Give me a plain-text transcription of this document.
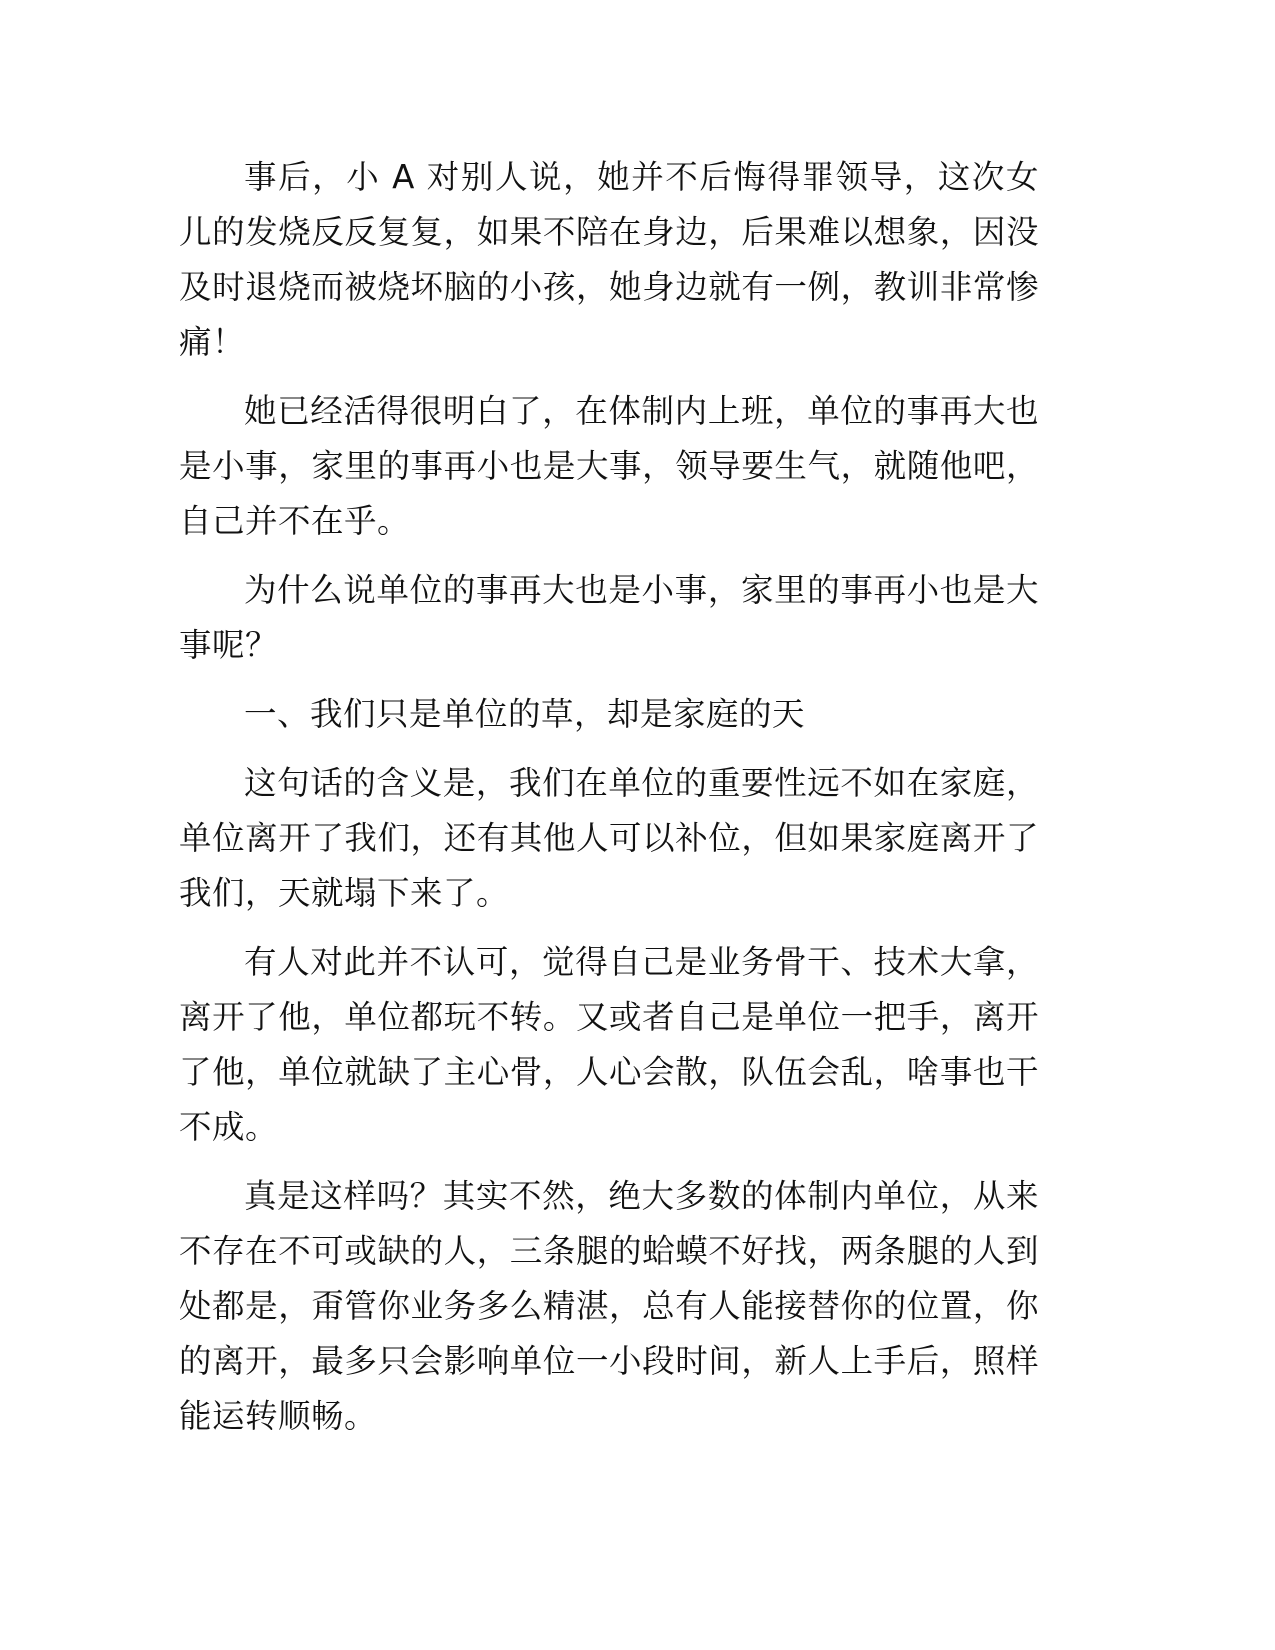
事后，小 A 对别人说，她并不后悔得罪领导，这次女儿的发烧反反复复，如果不陪在身边，后果难以想象，因没及时退烧而被烧坏脑的小孩，她身边就有一例，教训非常惨痛！

她已经活得很明白了，在体制内上班，单位的事再大也是小事，家里的事再小也是大事，领导要生气，就随他吧，自己并不在乎。

为什么说单位的事再大也是小事，家里的事再小也是大事呢？

一、我们只是单位的草，却是家庭的天

这句话的含义是，我们在单位的重要性远不如在家庭，单位离开了我们，还有其他人可以补位，但如果家庭离开了我们，天就塌下来了。

有人对此并不认可，觉得自己是业务骨干、技术大拿，离开了他，单位都玩不转。又或者自己是单位一把手，离开了他，单位就缺了主心骨，人心会散，队伍会乱，啥事也干不成。

真是这样吗？其实不然，绝大多数的体制内单位，从来不存在不可或缺的人，三条腿的蛤蟆不好找，两条腿的人到处都是，甭管你业务多么精湛，总有人能接替你的位置，你的离开，最多只会影响单位一小段时间，新人上手后，照样能运转顺畅。
